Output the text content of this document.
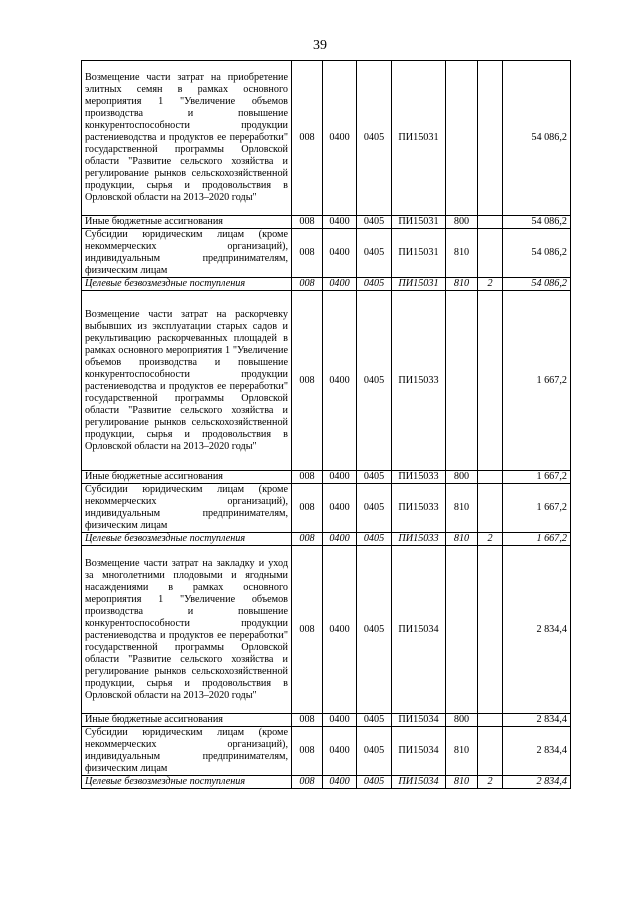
39
Возмещение части затрат на приобретение элитных семян в рамках основного мероприятия 1 "Увеличение объемов производства и повышение конкурентоспособности продукции растениеводства и продуктов ее переработки" государственной программы Орловской области "Развитие сельского хозяйства и регулирование рынков сельскохозяйственной продукции, сырья и продовольствия в Орловской области на 2013–2020 годы"	008	0400	0405	ПИ15031			54 086,2
Иные бюджетные ассигнования	008	0400	0405	ПИ15031	800		54 086,2
Субсидии юридическим лицам (кроме некоммерческих организаций), индивидуальным предпринимателям, физическим лицам	008	0400	0405	ПИ15031	810		54 086,2
Целевые безвозмездные поступления	008	0400	0405	ПИ15031	810	2	54 086,2
Возмещение части затрат на раскорчевку выбывших из эксплуатации старых садов и рекультивацию раскорчеванных площадей в рамках основного мероприятия 1 "Увеличение объемов производства и повышение конкурентоспособности продукции растениеводства и продуктов ее переработки" государственной программы Орловской области "Развитие сельского хозяйства и регулирование рынков сельскохозяйственной продукции, сырья и продовольствия в Орловской области на 2013–2020 годы"	008	0400	0405	ПИ15033			1 667,2
Иные бюджетные ассигнования	008	0400	0405	ПИ15033	800		1 667,2
Субсидии юридическим лицам (кроме некоммерческих организаций), индивидуальным предпринимателям, физическим лицам	008	0400	0405	ПИ15033	810		1 667,2
Целевые безвозмездные поступления	008	0400	0405	ПИ15033	810	2	1 667,2
Возмещение части затрат на закладку и уход за многолетними плодовыми и ягодными насаждениями в рамках основного мероприятия 1 "Увеличение объемов производства и повышение конкурентоспособности продукции растениеводства и продуктов ее переработки" государственной программы Орловской области "Развитие сельского хозяйства и регулирование рынков сельскохозяйственной продукции, сырья и продовольствия в Орловской области на 2013–2020 годы"	008	0400	0405	ПИ15034			2 834,4
Иные бюджетные ассигнования	008	0400	0405	ПИ15034	800		2 834,4
Субсидии юридическим лицам (кроме некоммерческих организаций), индивидуальным предпринимателям, физическим лицам	008	0400	0405	ПИ15034	810		2 834,4
Целевые безвозмездные поступления	008	0400	0405	ПИ15034	810	2	2 834,4
